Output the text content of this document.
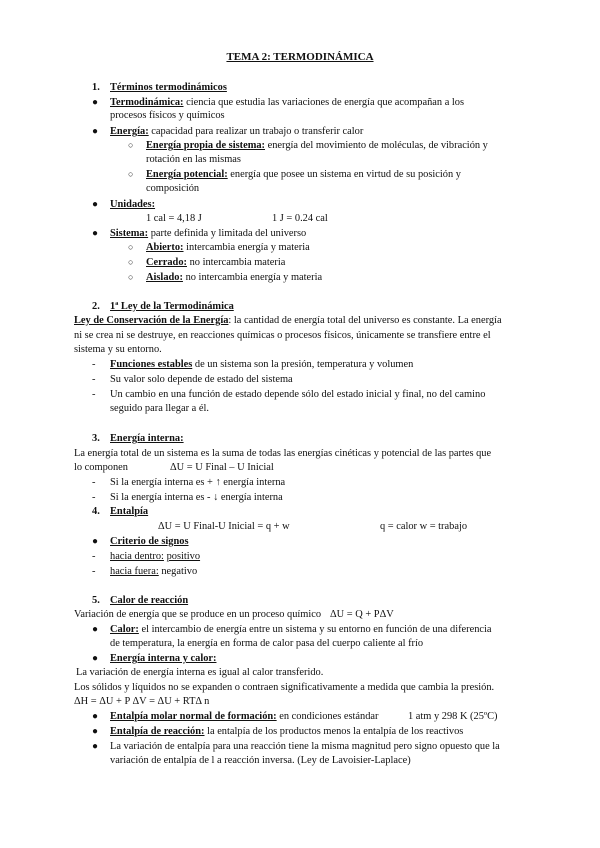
TEMA 2: TERMODINÁMICA
1. Términos termodinámicos
● Termodinámica: ciencia que estudia las variaciones de energía que acompañan a los
procesos físicos y químicos
● Energía: capacidad para realizar un trabajo o transferir calor
○ Energía propia de sistema: energía del movimiento de moléculas, de vibración y
rotación en las mismas
○ Energía potencial: energía que posee un sistema en virtud de su posición y
composición
● Unidades:
1 cal = 4,18 J	1 J = 0.24 cal
● Sistema: parte definida y limitada del universo
○ Abierto: intercambia energía y materia
○ Cerrado: no intercambia materia
○ Aislado: no intercambia energía y materia
2. 1ª Ley de la Termodinámica
Ley de Conservación de la Energía: la cantidad de energía total del universo es constante. La energía
ni se crea ni se destruye, en reacciones químicas o procesos físicos, únicamente se transfiere entre el
sistema y su entorno.
- Funciones estables de un sistema son la presión, temperatura y volumen
- Su valor solo depende de estado del sistema
- Un cambio en una función de estado depende sólo del estado inicial y final, no del camino
seguido para llegar a él.
3. Energía interna:
La energía total de un sistema es la suma de todas las energías cinéticas y potencial de las partes que
lo componen	ΔU = U Final – U Inicial
- Si la energía interna es + ↑ energía interna
- Si la energía interna es - ↓ energía interna
4. Entalpía
ΔU = U Final-U Inicial = q + w	q = calor w = trabajo
● Criterio de signos
- hacia dentro: positivo
- hacia fuera: negativo
5. Calor de reacción
Variación de energía que se produce en un proceso químico ΔU = Q + PΔV
● Calor: el intercambio de energía entre un sistema y su entorno en función de una diferencia
de temperatura, la energía en forma de calor pasa del cuerpo caliente al frío
● Energía interna y calor:
La variación de energía interna es igual al calor transferido.
Los sólidos y líquidos no se expanden o contraen significativamente a medida que cambia la presión.
ΔH = ΔU + P ΔV = ΔU + RTΔ n
● Entalpía molar normal de formación: en condiciones estándar	1 atm y 298 K (25ºC)
● Entalpía de reacción: la entalpía de los productos menos la entalpía de los reactivos
● La variación de entalpía para una reacción tiene la misma magnitud pero signo opuesto que la
variación de entalpía de l a reacción inversa. (Ley de Lavoisier-Laplace)
